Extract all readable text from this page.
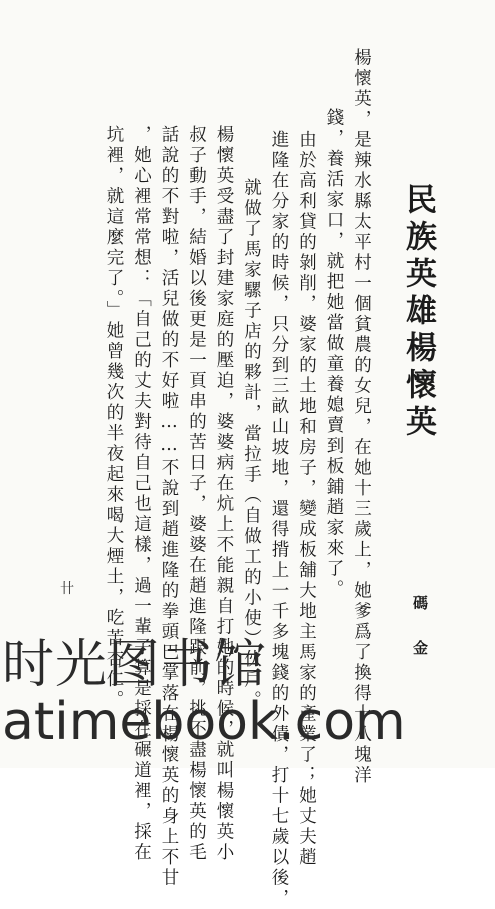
民族英雄楊懷英
碼金
楊懷英，是辣水縣太平村一個貧農的女兒，在她十三歲上，她爹爲了換得十八塊洋
錢，養活家口，就把她當做童養媳賣到板鋪趙家來了。
由於高利貸的剝削，婆家的土地和房子，變成板舖大地主馬家的產業了；她丈夫趙
進隆在分家的時候，只分到三畝山坡地，還得揹上一千多塊錢的外債，打十七歲以後，
就做了馬家騾子店的夥計，當拉手（自做工的小使）伙戶。
楊懷英受盡了封建家庭的壓迫，婆婆病在炕上不能親自打她的時候，就叫楊懷英小
叔子動手，結婚以後更是一頁串的苦日子，婆婆在趙進隆跟前，挑不盡楊懷英的毛
話說的不對啦，活兒做的不好啦……不說到趙進隆的拳頭巴掌落在楊懷英的身上不甘
，她心裡常常想：「自己的丈夫對待自己也這樣，過一輩子算是採在碾道裡，採在
坑裡，就這麼完了。」她曾幾次的半夜起來喝大煙土，吃苦杏仁。
卄
时光图书馆
atimebook.com
